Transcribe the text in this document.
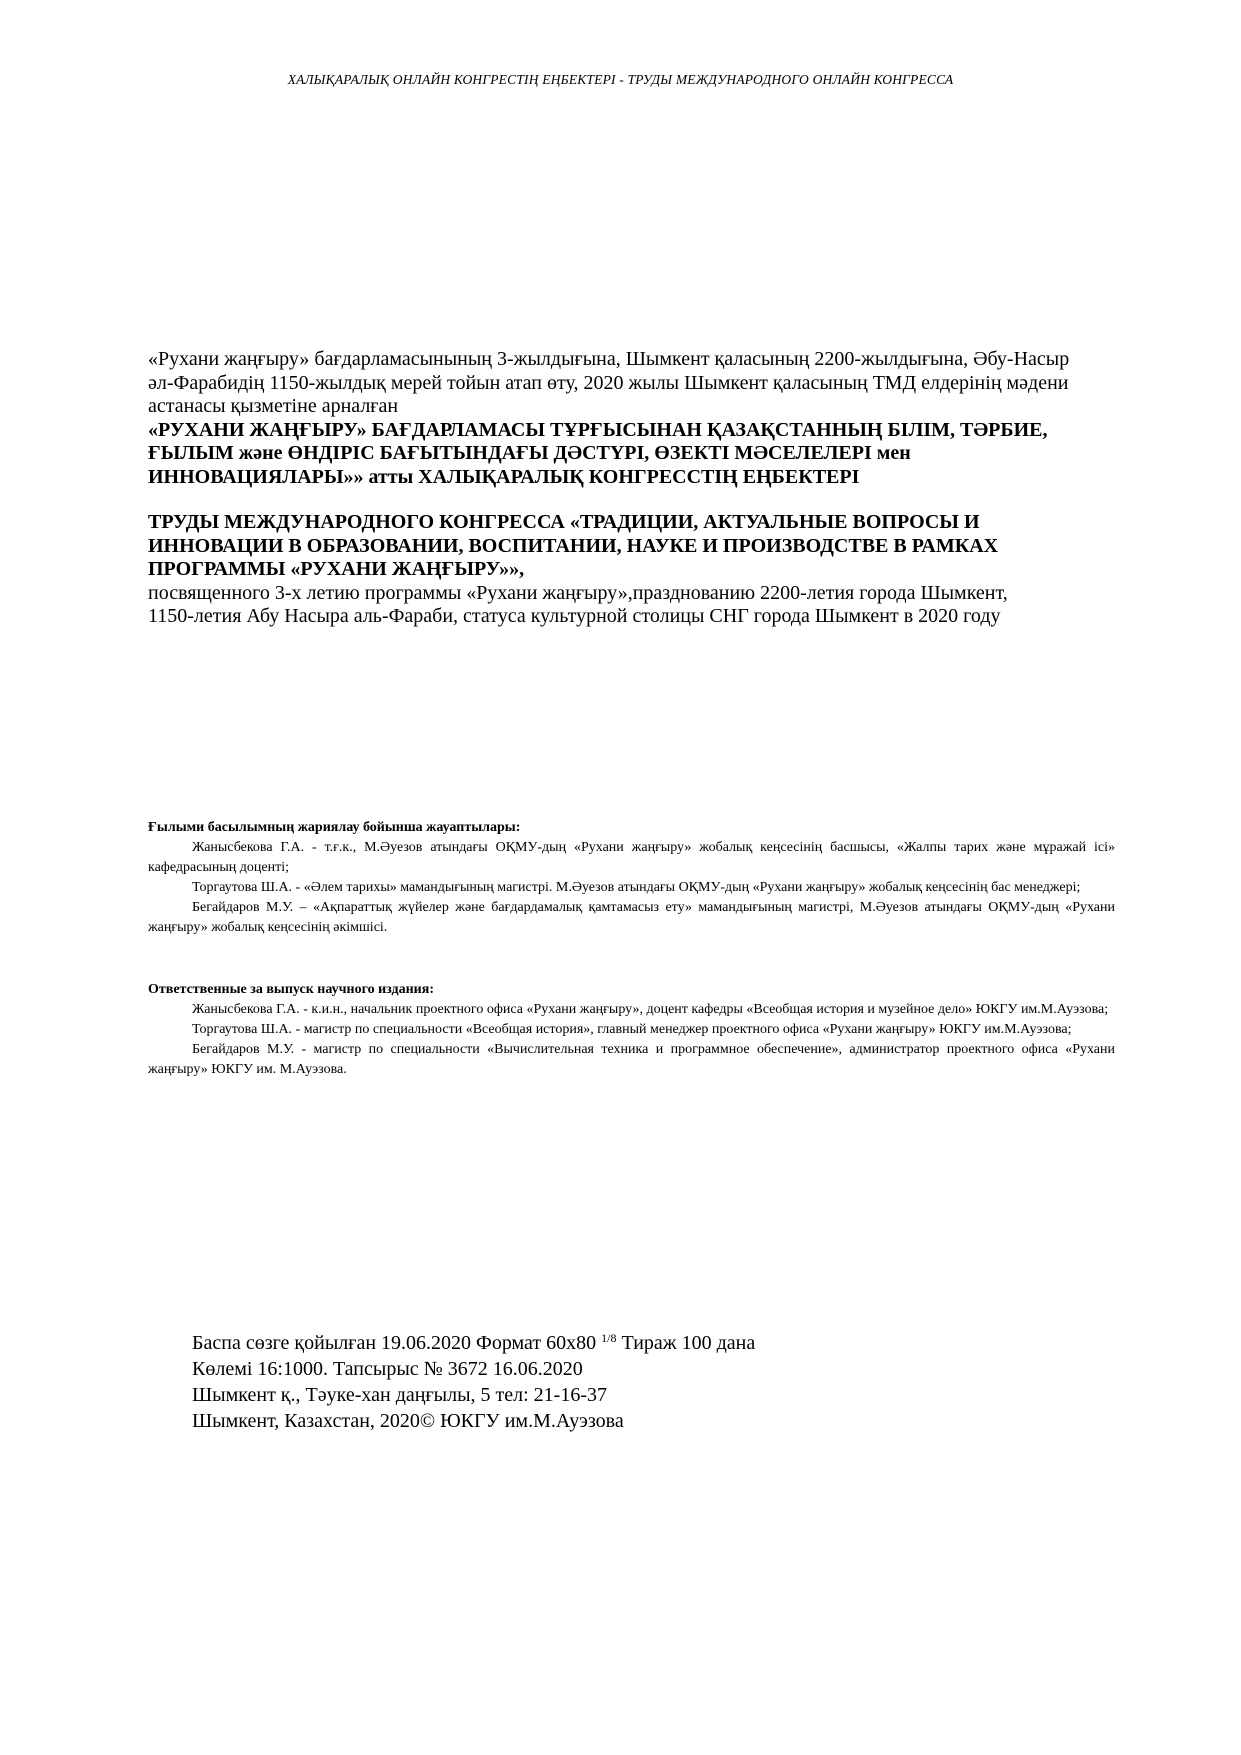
ХАЛЫҚАРАЛЫҚ ОНЛАЙН КОНГРЕСТІҢ ЕҢБЕКТЕРІ - ТРУДЫ МЕЖДУНАРОДНОГО ОНЛАЙН КОНГРЕССА

«Рухани жаңғыру» бағдарламасынының 3-жылдығына, Шымкент қаласының 2200-жылдығына, Әбу-Насыр әл-Фарабидің 1150-жылдық мерей тойын атап өту, 2020 жылы Шымкент қаласының ТМД елдерінің мәдени астанасы қызметіне арналған

«РУХАНИ ЖАҢҒЫРУ» БАҒДАРЛАМАСЫ ТҰРҒЫСЫНАН ҚАЗАҚСТАННЫҢ БІЛІМ, ТӘРБИЕ, ҒЫЛЫМ және ӨНДІРІС БАҒЫТЫНДАҒЫ ДӘСТҮРІ, ӨЗЕКТІ МӘСЕЛЕЛЕРІ мен ИННОВАЦИЯЛАРЫ»» атты ХАЛЫҚАРАЛЫҚ КОНГРЕССТІҢ ЕҢБЕКТЕРІ

ТРУДЫ МЕЖДУНАРОДНОГО КОНГРЕССА «ТРАДИЦИИ, АКТУАЛЬНЫЕ ВОПРОСЫ И ИННОВАЦИИ В ОБРАЗОВАНИИ, ВОСПИТАНИИ, НАУКЕ И ПРОИЗВОДСТВЕ В РАМКАХ ПРОГРАММЫ «РУХАНИ ЖАҢҒЫРУ»»,

посвященного 3-х летию программы «Рухани жаңғыру»,празднованию 2200-летия города Шымкент,
1150-летия Абу Насыра аль-Фараби, статуса культурной столицы СНГ города Шымкент в 2020 году

Ғылыми басылымның жариялау бойынша жауаптылары:

Жанысбекова Г.А. - т.ғ.к., М.Әуезов атындағы ОҚМУ-дың «Рухани жаңғыру» жобалық кеңсесінің басшысы, «Жалпы тарих және мұражай ісі» кафедрасының доценті;

Торгаутова Ш.А. - «Әлем тарихы» мамандығының магистрі. М.Әуезов атындағы ОҚМУ-дың «Рухани жаңғыру» жобалық кеңсесінің бас менеджері;

Бегайдаров М.У. – «Ақпараттық жүйелер және бағдардамалық қамтамасыз ету» мамандығының магистрі, М.Әуезов атындағы ОҚМУ-дың «Рухани жаңғыру» жобалық кеңсесінің әкімшісі.

Ответственные за выпуск научного издания:

Жанысбекова Г.А. - к.и.н., начальник проектного офиса «Рухани жаңғыру», доцент кафедры «Всеобщая история и музейное дело» ЮКГУ им.М.Ауэзова;

Торгаутова Ш.А. - магистр по специальности «Всеобщая история», главный менеджер проектного офиса «Рухани жаңғыру» ЮКГУ им.М.Ауэзова;

Бегайдаров М.У. - магистр по специальности «Вычислительная техника и программное обеспечение», администратор проектного офиса «Рухани жаңғыру» ЮКГУ им. М.Ауэзова.

Баспа сөзге қойылған 19.06.2020 Формат 60х80 $^{1/8}$ Тираж 100 дана
Көлемі 16:1000. Тапсырыс № 3672 16.06.2020
Шымкент қ., Тәуке-хан даңғылы, 5 тел: 21-16-37
Шымкент, Казахстан, 2020© ЮКГУ им.М.Ауэзова
